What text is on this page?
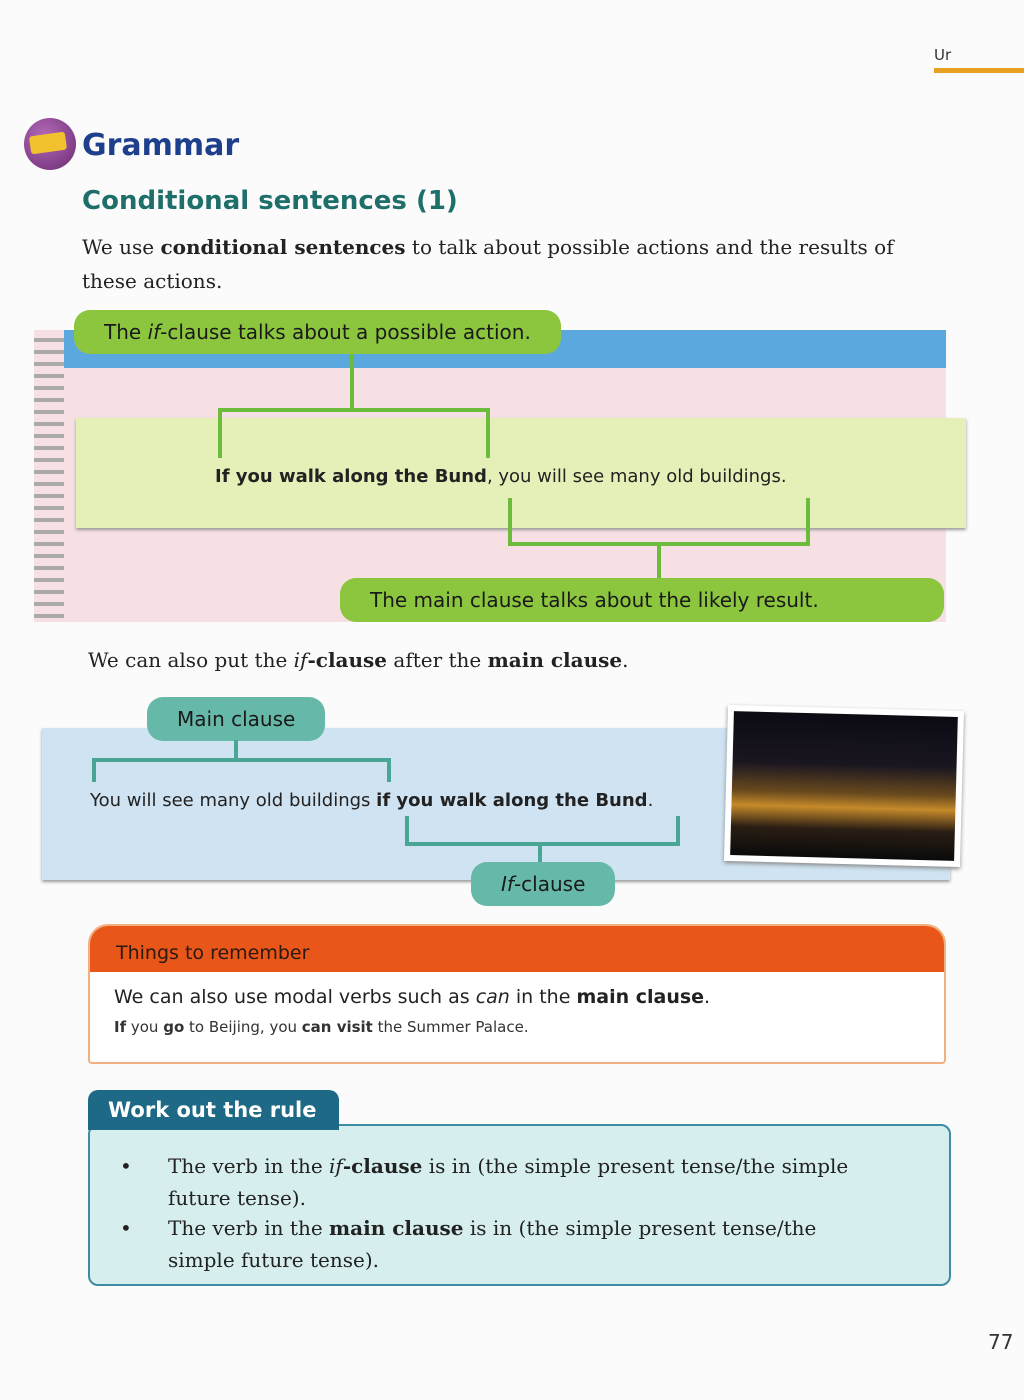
Ur
Grammar
Conditional sentences (1)
We use conditional sentences to talk about possible actions and the results of these actions.
The if-clause talks about a possible action.
If you walk along the Bund, you will see many old buildings.
The main clause talks about the likely result.
We can also put the if-clause after the main clause.
Main clause
You will see many old buildings if you walk along the Bund.
If-clause
Things to remember
We can also use modal verbs such as can in the main clause.
If you go to Beijing, you can visit the Summer Palace.
Work out the rule
• The verb in the if-clause is in (the simple present tense/the simple future tense).
• The verb in the main clause is in (the simple present tense/the simple future tense).
77
